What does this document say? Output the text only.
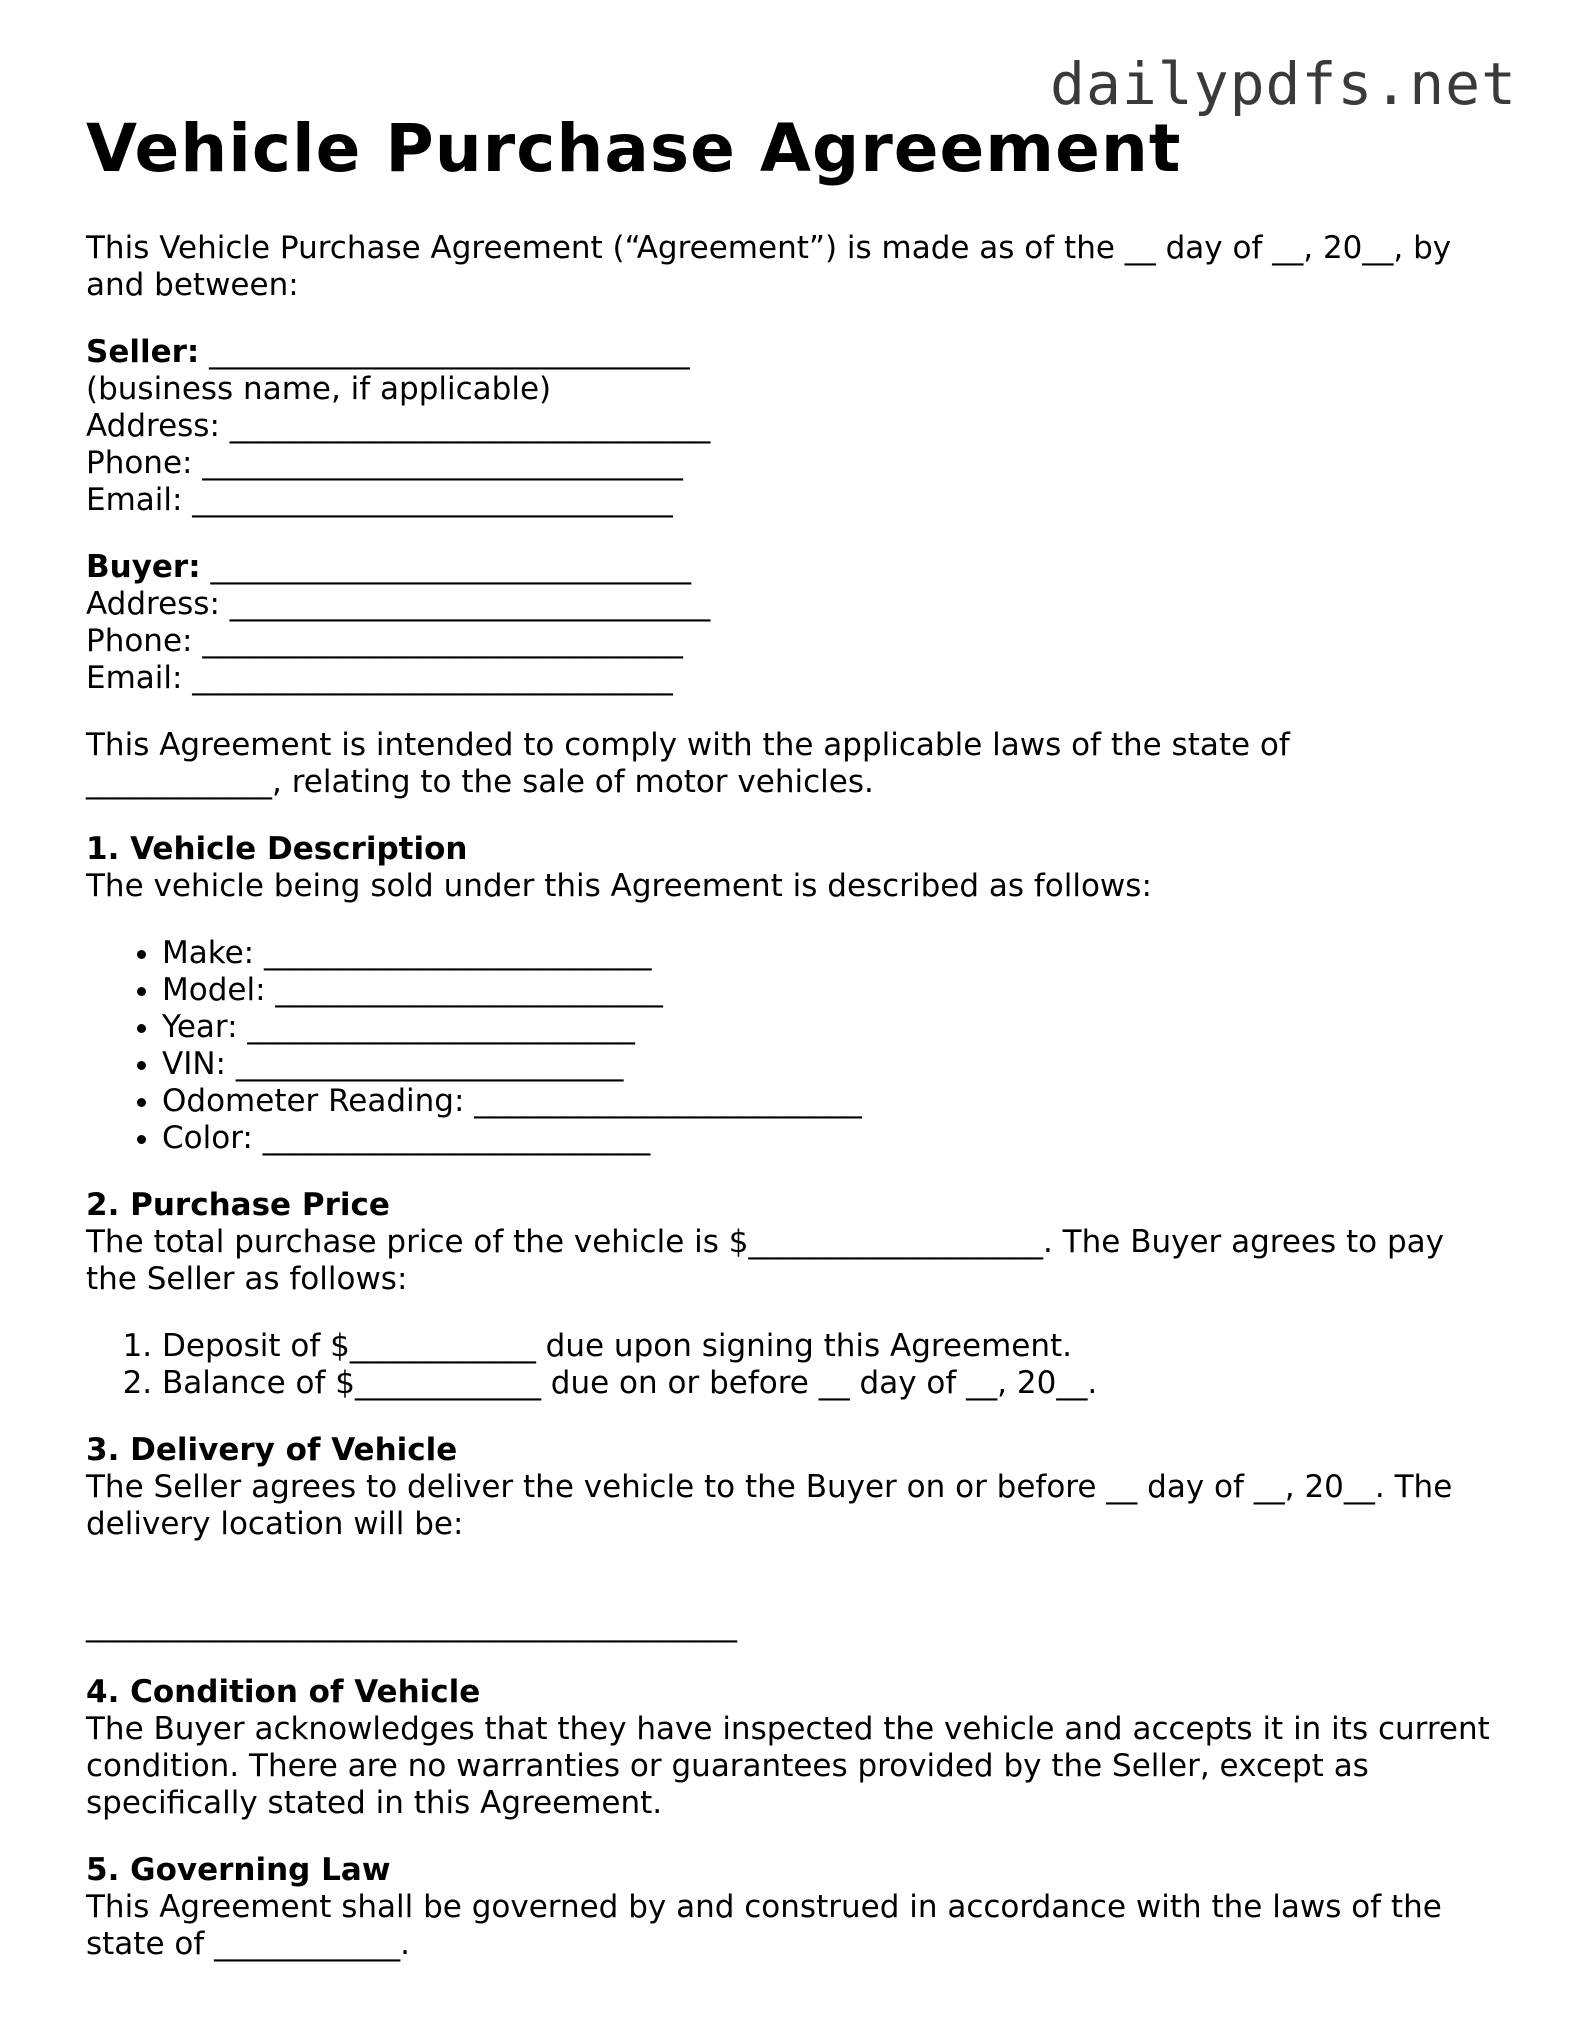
dailypdfs.net
Vehicle Purchase Agreement

This Vehicle Purchase Agreement (“Agreement”) is made as of the __ day of __, 20__, by and between:

Seller: _______________________________
(business name, if applicable)
Address: _______________________________
Phone: _______________________________
Email: _______________________________
Buyer: _______________________________
Address: _______________________________
Phone: _______________________________
Email: _______________________________

This Agreement is intended to comply with the applicable laws of the state of ____________, relating to the sale of motor vehicles.

1. Vehicle Description

The vehicle being sold under this Agreement is described as follows:

• Make: _________________________
• Model: _________________________
• Year: _________________________
• VIN: _________________________
• Odometer Reading: _________________________
• Color: _________________________
2. Purchase Price

The total purchase price of the vehicle is $___________________. The Buyer agrees to pay the Seller as follows:

1. Deposit of $____________ due upon signing this Agreement.
2. Balance of $____________ due on or before __ day of __, 20__.
3. Delivery of Vehicle

The Seller agrees to deliver the vehicle to the Buyer on or before __ day of __, 20__. The delivery location will be:

__________________________________________
4. Condition of Vehicle

The Buyer acknowledges that they have inspected the vehicle and accepts it in its current condition. There are no warranties or guarantees provided by the Seller, except as specifically stated in this Agreement.

5. Governing Law

This Agreement shall be governed by and construed in accordance with the laws of the state of ____________.
